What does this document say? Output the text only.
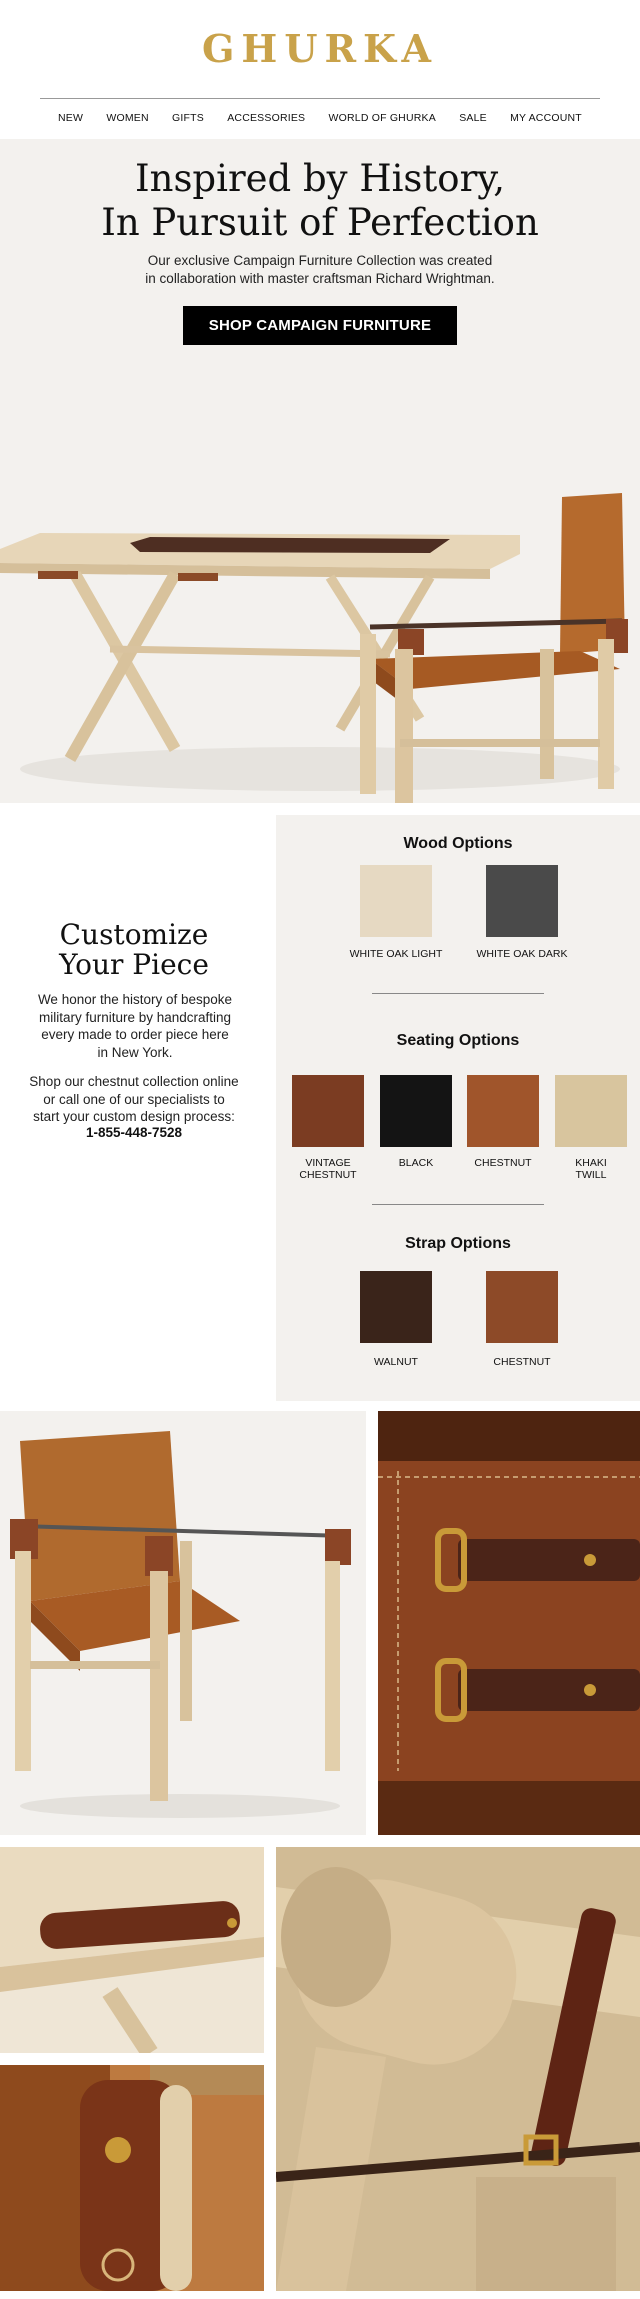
GHURKA
NEW WOMEN GIFTS ACCESSORIES WORLD OF GHURKA SALE MY ACCOUNT
Inspired by History,
In Pursuit of Perfection
Our exclusive Campaign Furniture Collection was created
in collaboration with master craftsman Richard Wrightman.
SHOP CAMPAIGN FURNITURE
Customize
Your Piece
We honor the history of bespoke
military furniture by handcrafting
every made to order piece here
in New York.
Shop our chestnut collection online
or call one of our specialists to
start your custom design process:
1-855-448-7528
Wood Options
WHITE OAK LIGHT	WHITE OAK DARK
Seating Options
VINTAGE
CHESTNUT
BLACK	CHESTNUT	KHAKI
TWILL
Strap Options
WALNUT	CHESTNUT
